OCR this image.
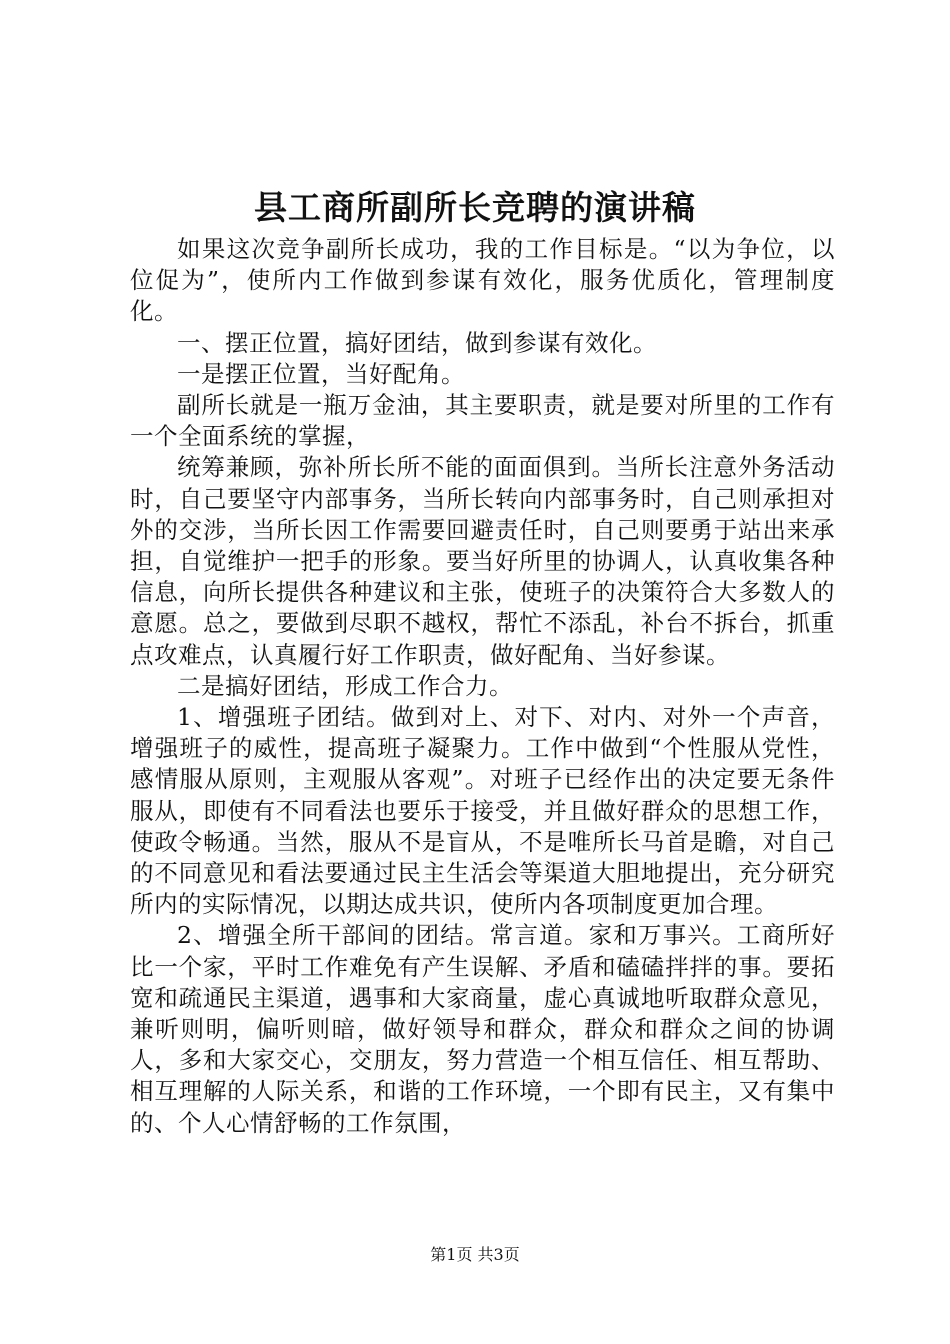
县工商所副所长竞聘的演讲稿

如果这次竞争副所长成功，我的工作目标是。“以为争位，以位促为”，使所内工作做到参谋有效化，服务优质化，管理制度化。

一、摆正位置，搞好团结，做到参谋有效化。

一是摆正位置，当好配角。

副所长就是一瓶万金油，其主要职责，就是要对所里的工作有一个全面系统的掌握，

统筹兼顾，弥补所长所不能的面面俱到。当所长注意外务活动时，自己要坚守内部事务，当所长转向内部事务时，自己则承担对外的交涉，当所长因工作需要回避责任时，自己则要勇于站出来承担，自觉维护一把手的形象。要当好所里的协调人，认真收集各种信息，向所长提供各种建议和主张，使班子的决策符合大多数人的意愿。总之，要做到尽职不越权，帮忙不添乱，补台不拆台，抓重点攻难点，认真履行好工作职责，做好配角、当好参谋。

二是搞好团结，形成工作合力。

1、增强班子团结。做到对上、对下、对内、对外一个声音，增强班子的威性，提高班子凝聚力。工作中做到“个性服从党性，感情服从原则，主观服从客观”。对班子已经作出的决定要无条件服从，即使有不同看法也要乐于接受，并且做好群众的思想工作，使政令畅通。当然，服从不是盲从，不是唯所长马首是瞻，对自己的不同意见和看法要通过民主生活会等渠道大胆地提出，充分研究所内的实际情况，以期达成共识，使所内各项制度更加合理。

2、增强全所干部间的团结。常言道。家和万事兴。工商所好比一个家，平时工作难免有产生误解、矛盾和磕磕拌拌的事。要拓宽和疏通民主渠道，遇事和大家商量，虚心真诚地听取群众意见，兼听则明，偏听则暗，做好领导和群众，群众和群众之间的协调人，多和大家交心，交朋友，努力营造一个相互信任、相互帮助、相互理解的人际关系，和谐的工作环境，一个即有民主，又有集中的、个人心情舒畅的工作氛围，

第1页 共3页
